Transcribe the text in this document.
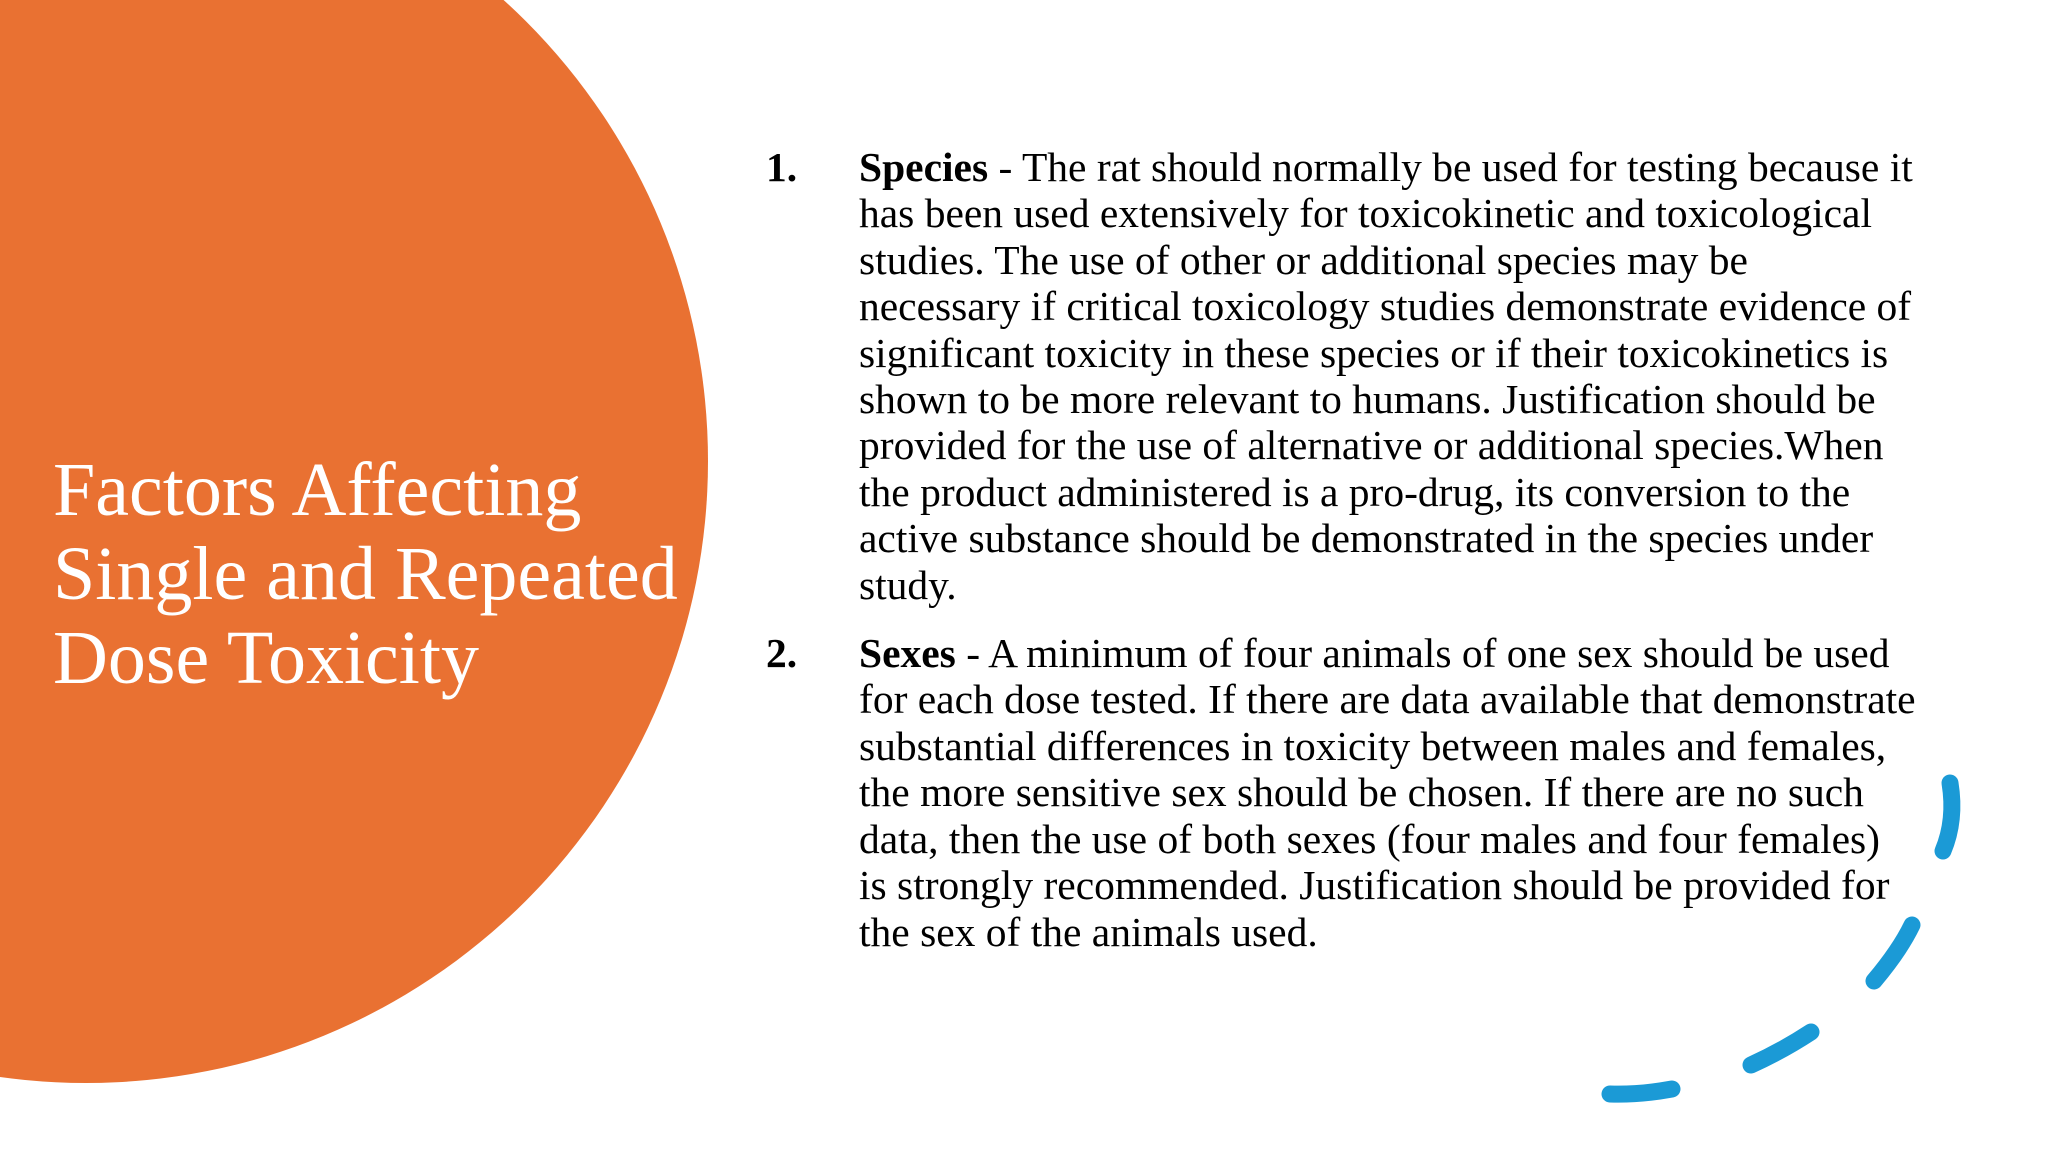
Factors Affecting Single and Repeated Dose Toxicity
1. Species - The rat should normally be used for testing because it has been used extensively for toxicokinetic and toxicological studies. The use of other or additional species may be necessary if critical toxicology studies demonstrate evidence of significant toxicity in these species or if their toxicokinetics is shown to be more relevant to humans. Justification should be provided for the use of alternative or additional species.When the product administered is a pro-drug, its conversion to the active substance should be demonstrated in the species under study.
2. Sexes - A minimum of four animals of one sex should be used for each dose tested. If there are data available that demonstrate substantial differences in toxicity between males and females, the more sensitive sex should be chosen. If there are no such data, then the use of both sexes (four males and four females) is strongly recommended. Justification should be provided for the sex of the animals used.
